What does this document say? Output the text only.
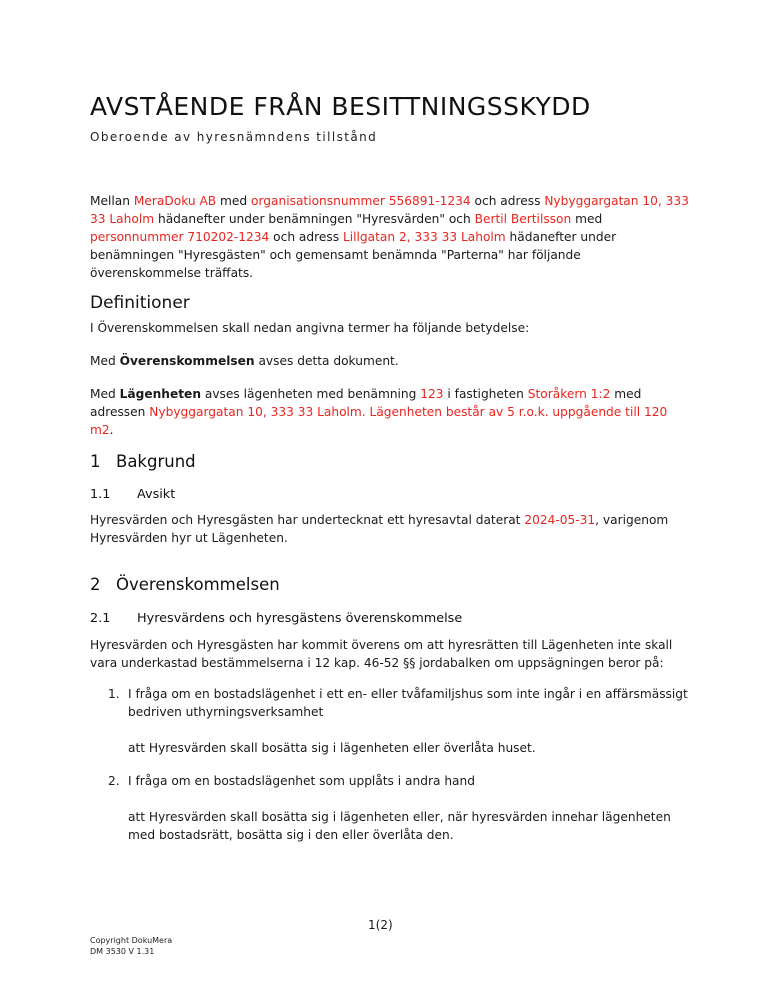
AVSTÅENDE FRÅN BESITTNINGSSKYDD

Oberoende av hyresnämndens tillstånd

Mellan MeraDoku AB med organisationsnummer 556891-1234 och adress Nybyggargatan 10, 333 33 Laholm hädanefter under benämningen "Hyresvärden" och Bertil Bertilsson med personnummer 710202-1234 och adress Lillgatan 2, 333 33 Laholm hädanefter under benämningen "Hyresgästen" och gemensamt benämnda "Parterna" har följande överenskommelse träffats.

Definitioner

I Överenskommelsen skall nedan angivna termer ha följande betydelse:

Med Överenskommelsen avses detta dokument.

Med Lägenheten avses lägenheten med benämning 123 i fastigheten Storåkern 1:2 med adressen Nybyggargatan 10, 333 33 Laholm. Lägenheten består av 5 r.o.k. uppgående till 120 m2.

1 Bakgrund
1.1 Avsikt

Hyresvärden och Hyresgästen har undertecknat ett hyresavtal daterat 2024-05-31, varigenom Hyresvärden hyr ut Lägenheten.

2 Överenskommelsen
2.1 Hyresvärdens och hyresgästens överenskommelse

Hyresvärden och Hyresgästen har kommit överens om att hyresrätten till Lägenheten inte skall vara underkastad bestämmelserna i 12 kap. 46-52 §§ jordabalken om uppsägningen beror på:

1. I fråga om en bostadslägenhet i ett en- eller tvåfamiljshus som inte ingår i en affärsmässigt bedriven uthyrningsverksamhet

att Hyresvärden skall bosätta sig i lägenheten eller överlåta huset.

2. I fråga om en bostadslägenhet som upplåts i andra hand

att Hyresvärden skall bosätta sig i lägenheten eller, när hyresvärden innehar lägenheten med bostadsrätt, bosätta sig i den eller överlåta den.

1(2)

Copyright DokuMera
DM 3530 V 1.31
